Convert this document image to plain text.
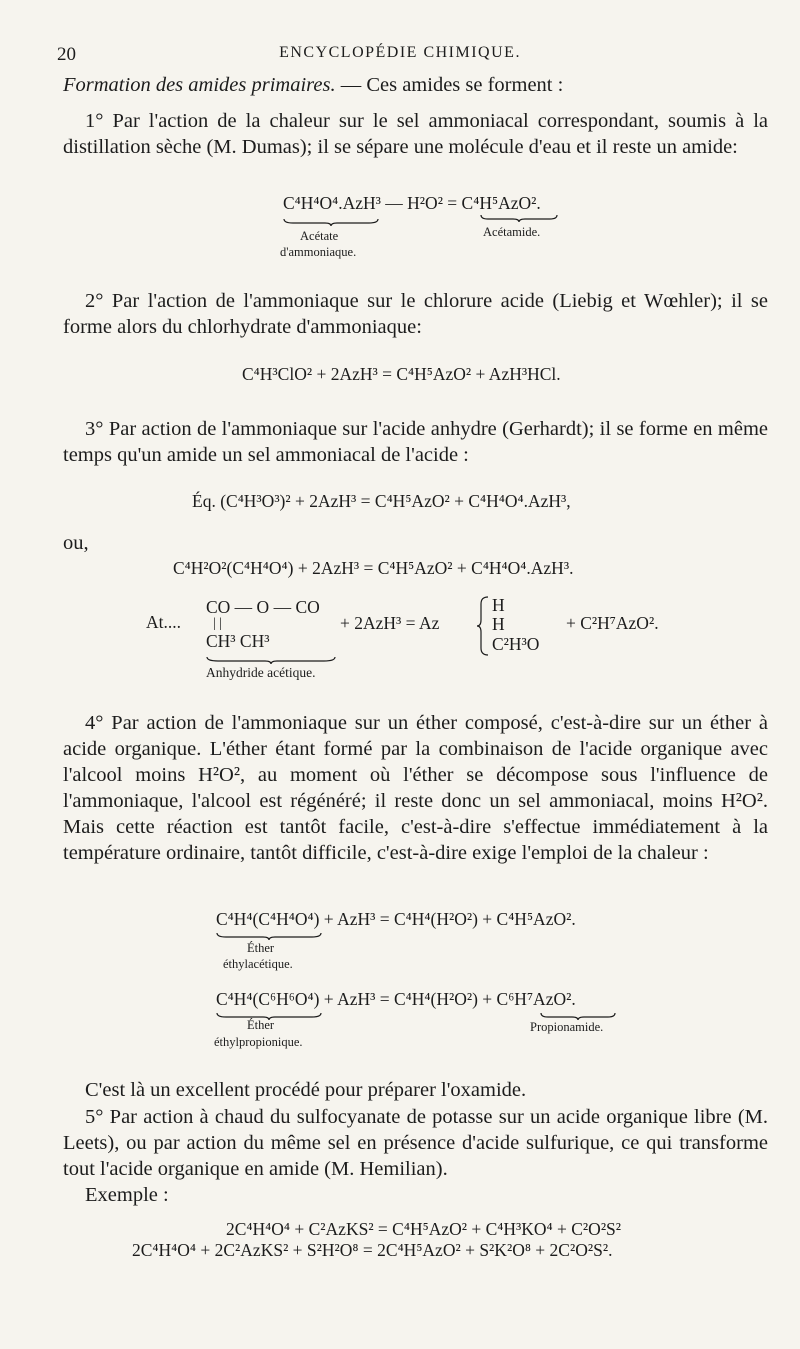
20	ENCYCLOPÉDIE CHIMIQUE.
Formation des amides primaires. — Ces amides se forment :
1° Par l'action de la chaleur sur le sel ammoniacal correspondant, soumis à la distillation sèche (M. Dumas); il se sépare une molécule d'eau et il reste un amide:
C⁴H⁴O⁴.AzH³ — H²O² = C⁴H⁵AzO².
Acétate
d'ammoniaque.
Acétamide.
2° Par l'action de l'ammoniaque sur le chlorure acide (Liebig et Wœhler); il se forme alors du chlorhydrate d'ammoniaque:
C⁴H³ClO² + 2AzH³ = C⁴H⁵AzO² + AzH³HCl.
3° Par action de l'ammoniaque sur l'acide anhydre (Gerhardt); il se forme en même temps qu'un amide un sel ammoniacal de l'acide :
Éq. (C⁴H³O³)² + 2AzH³ = C⁴H⁵AzO² + C⁴H⁴O⁴.AzH³,
ou,
C⁴H²O²(C⁴H⁴O⁴) + 2AzH³ = C⁴H⁵AzO² + C⁴H⁴O⁴.AzH³.
At....
CO — O — CO
| |
CH³ CH³
+ 2AzH³ = Az
H
H
C²H³O
+ C²H⁷AzO².
Anhydride acétique.
4° Par action de l'ammoniaque sur un éther composé, c'est-à-dire sur un éther à acide organique. L'éther étant formé par la combinaison de l'acide organique avec l'alcool moins H²O², au moment où l'éther se décompose sous l'influence de l'ammoniaque, l'alcool est régénéré; il reste donc un sel ammoniacal, moins H²O². Mais cette réaction est tantôt facile, c'est-à-dire s'effectue immédiatement à la température ordinaire, tantôt difficile, c'est-à-dire exige l'emploi de la chaleur :
C⁴H⁴(C⁴H⁴O⁴) + AzH³ = C⁴H⁴(H²O²) + C⁴H⁵AzO².
Éther
éthylacétique.
C⁴H⁴(C⁶H⁶O⁴) + AzH³ = C⁴H⁴(H²O²) + C⁶H⁷AzO².
Éther
éthylpropionique.
Propionamide.
C'est là un excellent procédé pour préparer l'oxamide.
5° Par action à chaud du sulfocyanate de potasse sur un acide organique libre (M. Leets), ou par action du même sel en présence d'acide sulfurique, ce qui transforme tout l'acide organique en amide (M. Hemilian).
Exemple :
2C⁴H⁴O⁴ + C²AzKS² = C⁴H⁵AzO² + C⁴H³KO⁴ + C²O²S²
2C⁴H⁴O⁴ + 2C²AzKS² + S²H²O⁸ = 2C⁴H⁵AzO² + S²K²O⁸ + 2C²O²S².
